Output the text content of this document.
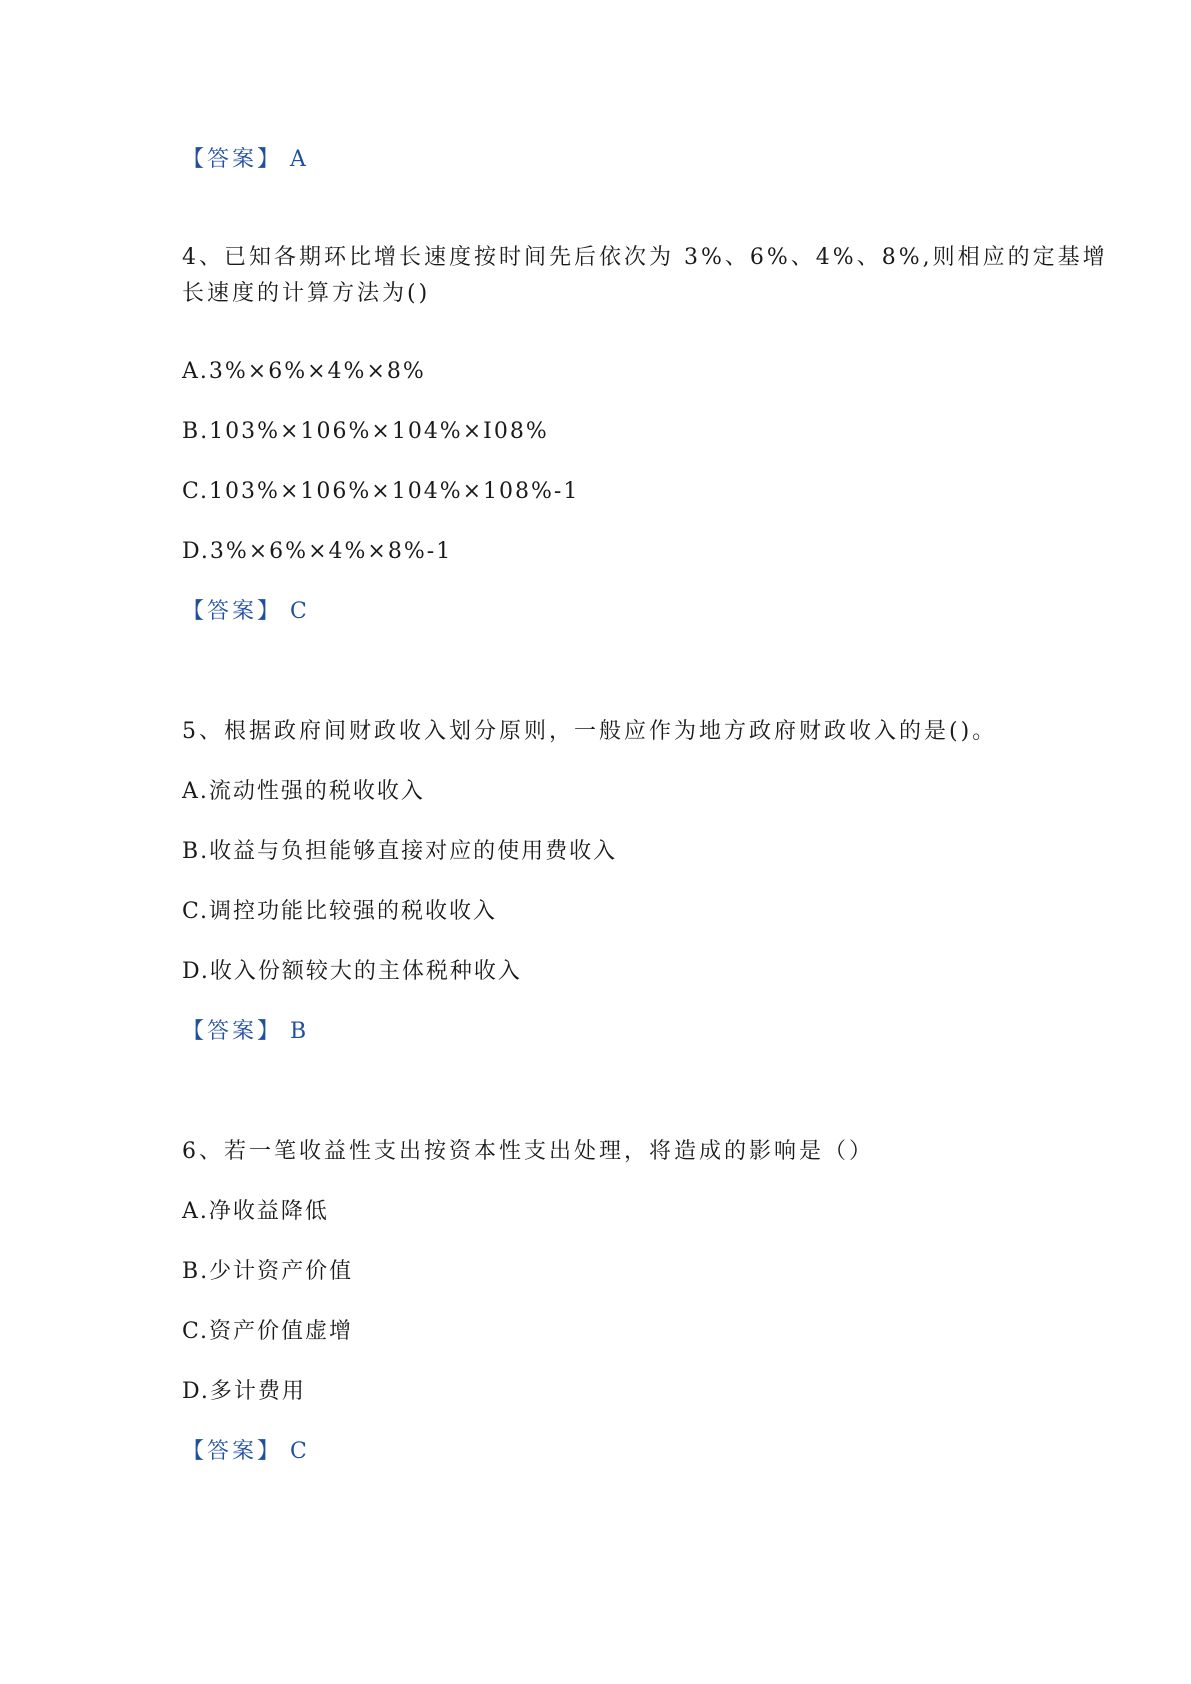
【答案】 A
4、已知各期环比增长速度按时间先后依次为 3%、6%、4%、8%,则相应的定基增
长速度的计算方法为()
A.3%×6%×4%×8%
B.103%×106%×104%×I08%
C.103%×106%×104%×108%-1
D.3%×6%×4%×8%-1
【答案】 C
5、根据政府间财政收入划分原则，一般应作为地方政府财政收入的是()。
A.流动性强的税收收入
B.收益与负担能够直接对应的使用费收入
C.调控功能比较强的税收收入
D.收入份额较大的主体税种收入
【答案】 B
6、若一笔收益性支出按资本性支出处理，将造成的影响是（）
A.净收益降低
B.少计资产价值
C.资产价值虚增
D.多计费用
【答案】 C
